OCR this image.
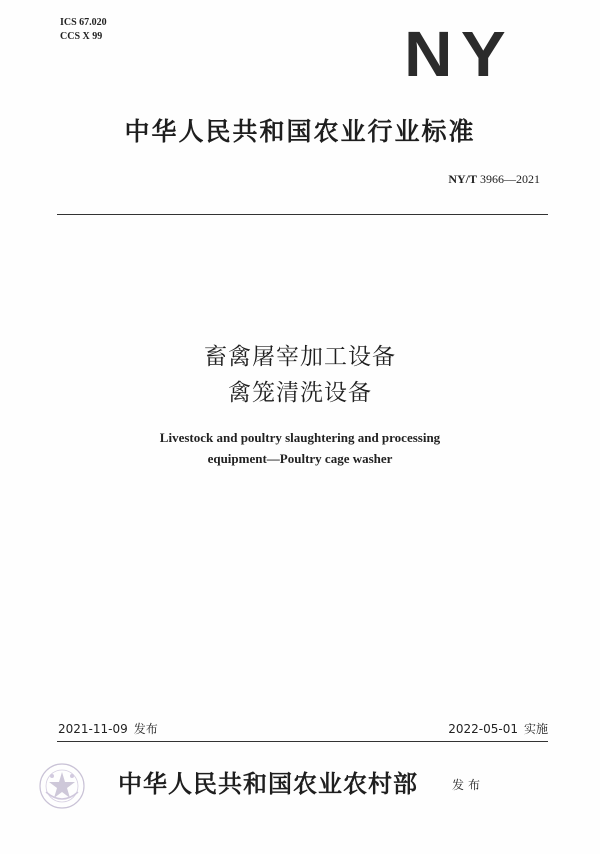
ICS 67.020
CCS X 99	NY
中华人民共和国农业行业标准
NY/T 3966—2021
畜禽屠宰加工设备
禽笼清洗设备
Livestock and poultry slaughtering and processing
equipment—Poultry cage washer
2021-11-09 发布	2022-05-01 实施
中华人民共和国农业农村部	发布
